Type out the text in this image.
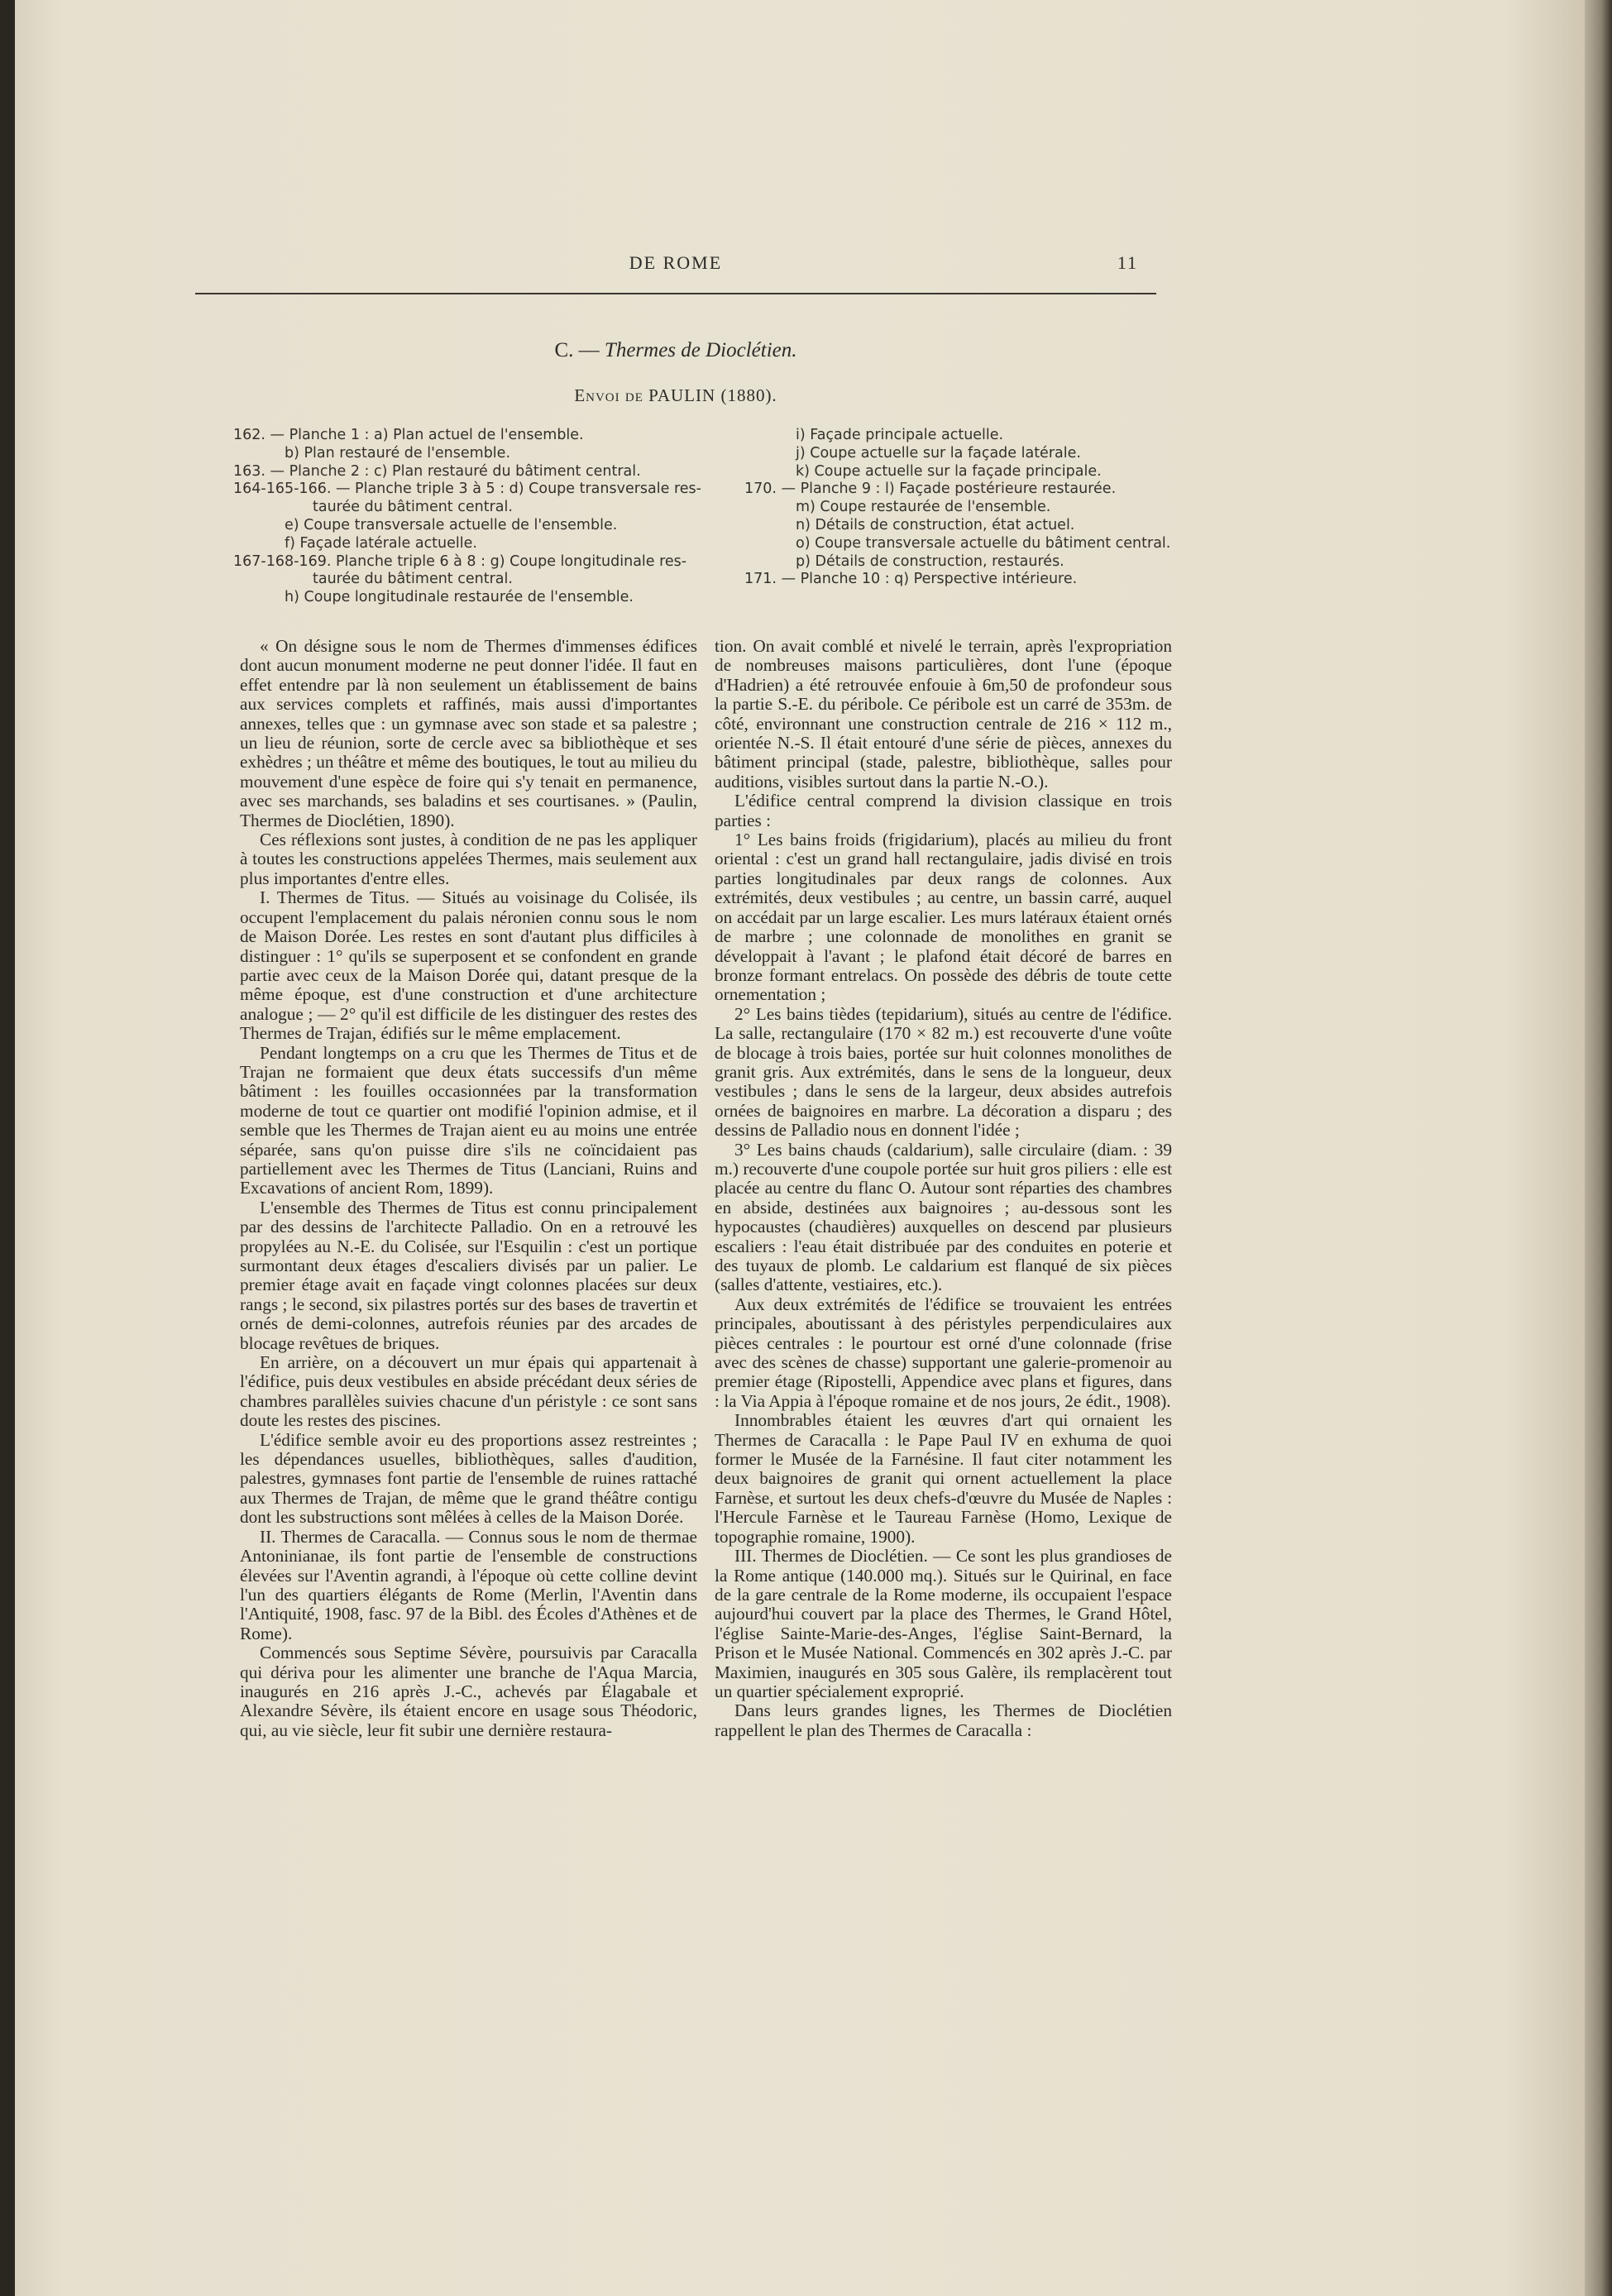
DE ROME	11
C. — Thermes de Dioclétien.
Envoi de PAULIN (1880).
162. — Planche 1 : a) Plan actuel de l'ensemble.
b) Plan restauré de l'ensemble.
163. — Planche 2 : c) Plan restauré du bâtiment central.
164-165-166. — Planche triple 3 à 5 : d) Coupe transversale res-
taurée du bâtiment central.
e) Coupe transversale actuelle de l'ensemble.
f) Façade latérale actuelle.
167-168-169. Planche triple 6 à 8 : g) Coupe longitudinale res-
taurée du bâtiment central.
h) Coupe longitudinale restaurée de l'ensemble.
i) Façade principale actuelle.
j) Coupe actuelle sur la façade latérale.
k) Coupe actuelle sur la façade principale.
170. — Planche 9 : l) Façade postérieure restaurée.
m) Coupe restaurée de l'ensemble.
n) Détails de construction, état actuel.
o) Coupe transversale actuelle du bâtiment central.
p) Détails de construction, restaurés.
171. — Planche 10 : q) Perspective intérieure.

« On désigne sous le nom de Thermes d'immenses édifices dont aucun monument moderne ne peut donner l'idée. Il faut en effet entendre par là non seulement un établissement de bains aux services complets et raffinés, mais aussi d'importantes annexes, telles que : un gymnase avec son stade et sa palestre ; un lieu de réunion, sorte de cercle avec sa bibliothèque et ses exhèdres ; un théâtre et même des boutiques, le tout au milieu du mouvement d'une espèce de foire qui s'y tenait en permanence, avec ses marchands, ses baladins et ses courtisanes. » (Paulin, Thermes de Dioclétien, 1890).

Ces réflexions sont justes, à condition de ne pas les appliquer à toutes les constructions appelées Thermes, mais seulement aux plus importantes d'entre elles.

I. Thermes de Titus. — Situés au voisinage du Colisée, ils occupent l'emplacement du palais néronien connu sous le nom de Maison Dorée. Les restes en sont d'autant plus difficiles à distinguer : 1° qu'ils se superposent et se confondent en grande partie avec ceux de la Maison Dorée qui, datant presque de la même époque, est d'une construction et d'une architecture analogue ; — 2° qu'il est difficile de les distinguer des restes des Thermes de Trajan, édifiés sur le même emplacement.

Pendant longtemps on a cru que les Thermes de Titus et de Trajan ne formaient que deux états successifs d'un même bâtiment : les fouilles occasionnées par la transformation moderne de tout ce quartier ont modifié l'opinion admise, et il semble que les Thermes de Trajan aient eu au moins une entrée séparée, sans qu'on puisse dire s'ils ne coïncidaient pas partiellement avec les Thermes de Titus (Lanciani, Ruins and Excavations of ancient Rom, 1899).

L'ensemble des Thermes de Titus est connu principalement par des dessins de l'architecte Palladio. On en a retrouvé les propylées au N.-E. du Colisée, sur l'Esquilin : c'est un portique surmontant deux étages d'escaliers divisés par un palier. Le premier étage avait en façade vingt colonnes placées sur deux rangs ; le second, six pilastres portés sur des bases de travertin et ornés de demi-colonnes, autrefois réunies par des arcades de blocage revêtues de briques.

En arrière, on a découvert un mur épais qui appartenait à l'édifice, puis deux vestibules en abside précédant deux séries de chambres parallèles suivies chacune d'un péristyle : ce sont sans doute les restes des piscines.

L'édifice semble avoir eu des proportions assez restreintes ; les dépendances usuelles, bibliothèques, salles d'audition, palestres, gymnases font partie de l'ensemble de ruines rattaché aux Thermes de Trajan, de même que le grand théâtre contigu dont les substructions sont mêlées à celles de la Maison Dorée.

II. Thermes de Caracalla. — Connus sous le nom de thermae Antoninianae, ils font partie de l'ensemble de constructions élevées sur l'Aventin agrandi, à l'époque où cette colline devint l'un des quartiers élégants de Rome (Merlin, l'Aventin dans l'Antiquité, 1908, fasc. 97 de la Bibl. des Écoles d'Athènes et de Rome).

Commencés sous Septime Sévère, poursuivis par Caracalla qui dériva pour les alimenter une branche de l'Aqua Marcia, inaugurés en 216 après J.-C., achevés par Élagabale et Alexandre Sévère, ils étaient encore en usage sous Théodoric, qui, au vie siècle, leur fit subir une dernière restaura-

tion. On avait comblé et nivelé le terrain, après l'expropriation de nombreuses maisons particulières, dont l'une (époque d'Hadrien) a été retrouvée enfouie à 6m,50 de profondeur sous la partie S.-E. du péribole. Ce péribole est un carré de 353m. de côté, environnant une construction centrale de 216 × 112 m., orientée N.-S. Il était entouré d'une série de pièces, annexes du bâtiment principal (stade, palestre, bibliothèque, salles pour auditions, visibles surtout dans la partie N.-O.).

L'édifice central comprend la division classique en trois parties :

1° Les bains froids (frigidarium), placés au milieu du front oriental : c'est un grand hall rectangulaire, jadis divisé en trois parties longitudinales par deux rangs de colonnes. Aux extrémités, deux vestibules ; au centre, un bassin carré, auquel on accédait par un large escalier. Les murs latéraux étaient ornés de marbre ; une colonnade de monolithes en granit se développait à l'avant ; le plafond était décoré de barres en bronze formant entrelacs. On possède des débris de toute cette ornementation ;

2° Les bains tièdes (tepidarium), situés au centre de l'édifice. La salle, rectangulaire (170 × 82 m.) est recouverte d'une voûte de blocage à trois baies, portée sur huit colonnes monolithes de granit gris. Aux extrémités, dans le sens de la longueur, deux vestibules ; dans le sens de la largeur, deux absides autrefois ornées de baignoires en marbre. La décoration a disparu ; des dessins de Palladio nous en donnent l'idée ;

3° Les bains chauds (caldarium), salle circulaire (diam. : 39 m.) recouverte d'une coupole portée sur huit gros piliers : elle est placée au centre du flanc O. Autour sont réparties des chambres en abside, destinées aux baignoires ; au-dessous sont les hypocaustes (chaudières) auxquelles on descend par plusieurs escaliers : l'eau était distribuée par des conduites en poterie et des tuyaux de plomb. Le caldarium est flanqué de six pièces (salles d'attente, vestiaires, etc.).

Aux deux extrémités de l'édifice se trouvaient les entrées principales, aboutissant à des péristyles perpendiculaires aux pièces centrales : le pourtour est orné d'une colonnade (frise avec des scènes de chasse) supportant une galerie-promenoir au premier étage (Ripostelli, Appendice avec plans et figures, dans : la Via Appia à l'époque romaine et de nos jours, 2e édit., 1908).

Innombrables étaient les œuvres d'art qui ornaient les Thermes de Caracalla : le Pape Paul IV en exhuma de quoi former le Musée de la Farnésine. Il faut citer notamment les deux baignoires de granit qui ornent actuellement la place Farnèse, et surtout les deux chefs-d'œuvre du Musée de Naples : l'Hercule Farnèse et le Taureau Farnèse (Homo, Lexique de topographie romaine, 1900).

III. Thermes de Dioclétien. — Ce sont les plus grandioses de la Rome antique (140.000 mq.). Situés sur le Quirinal, en face de la gare centrale de la Rome moderne, ils occupaient l'espace aujourd'hui couvert par la place des Thermes, le Grand Hôtel, l'église Sainte-Marie-des-Anges, l'église Saint-Bernard, la Prison et le Musée National. Commencés en 302 après J.-C. par Maximien, inaugurés en 305 sous Galère, ils remplacèrent tout un quartier spécialement exproprié.

Dans leurs grandes lignes, les Thermes de Dioclétien rappellent le plan des Thermes de Caracalla :
